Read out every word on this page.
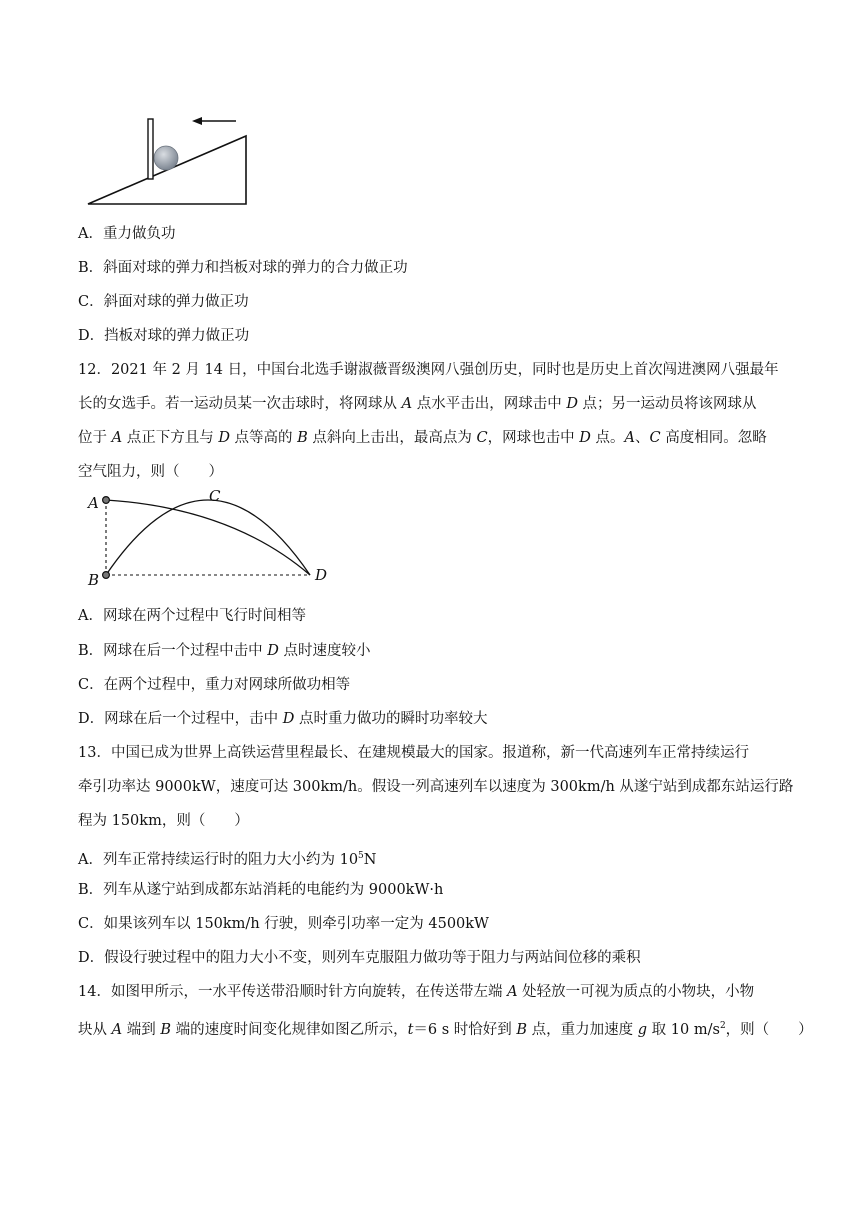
A．重力做负功
B．斜面对球的弹力和挡板对球的弹力的合力做正功
C．斜面对球的弹力做正功
D．挡板对球的弹力做正功
12．2021 年 2 月 14 日，中国台北选手谢淑薇晋级澳网八强创历史，同时也是历史上首次闯进澳网八强最年
长的女选手。若一运动员某一次击球时，将网球从 A 点水平击出，网球击中 D 点；另一运动员将该网球从
位于 A 点正下方且与 D 点等高的 B 点斜向上击出，最高点为 C，网球也击中 D 点。A、C 高度相同。忽略
空气阻力，则（　　）
A
B
C
D
A．网球在两个过程中飞行时间相等
B．网球在后一个过程中击中 D 点时速度较小
C．在两个过程中，重力对网球所做功相等
D．网球在后一个过程中，击中 D 点时重力做功的瞬时功率较大
13．中国已成为世界上高铁运营里程最长、在建规模最大的国家。报道称，新一代高速列车正常持续运行
牵引功率达 9000kW，速度可达 300km/h。假设一列高速列车以速度为 300km/h 从遂宁站到成都东站运行路
程为 150km，则（　　）
A．列车正常持续运行时的阻力大小约为 $10^5N$
B．列车从遂宁站到成都东站消耗的电能约为 9000kW·h
C．如果该列车以 150km/h 行驶，则牵引功率一定为 4500kW
D．假设行驶过程中的阻力大小不变，则列车克服阻力做功等于阻力与两站间位移的乘积
14．如图甲所示，一水平传送带沿顺时针方向旋转，在传送带左端 A 处轻放一可视为质点的小物块，小物
块从 A 端到 B 端的速度时间变化规律如图乙所示，t＝6 s 时恰好到 B 点，重力加速度 g 取 10 $m/s^2$，则（　　）
